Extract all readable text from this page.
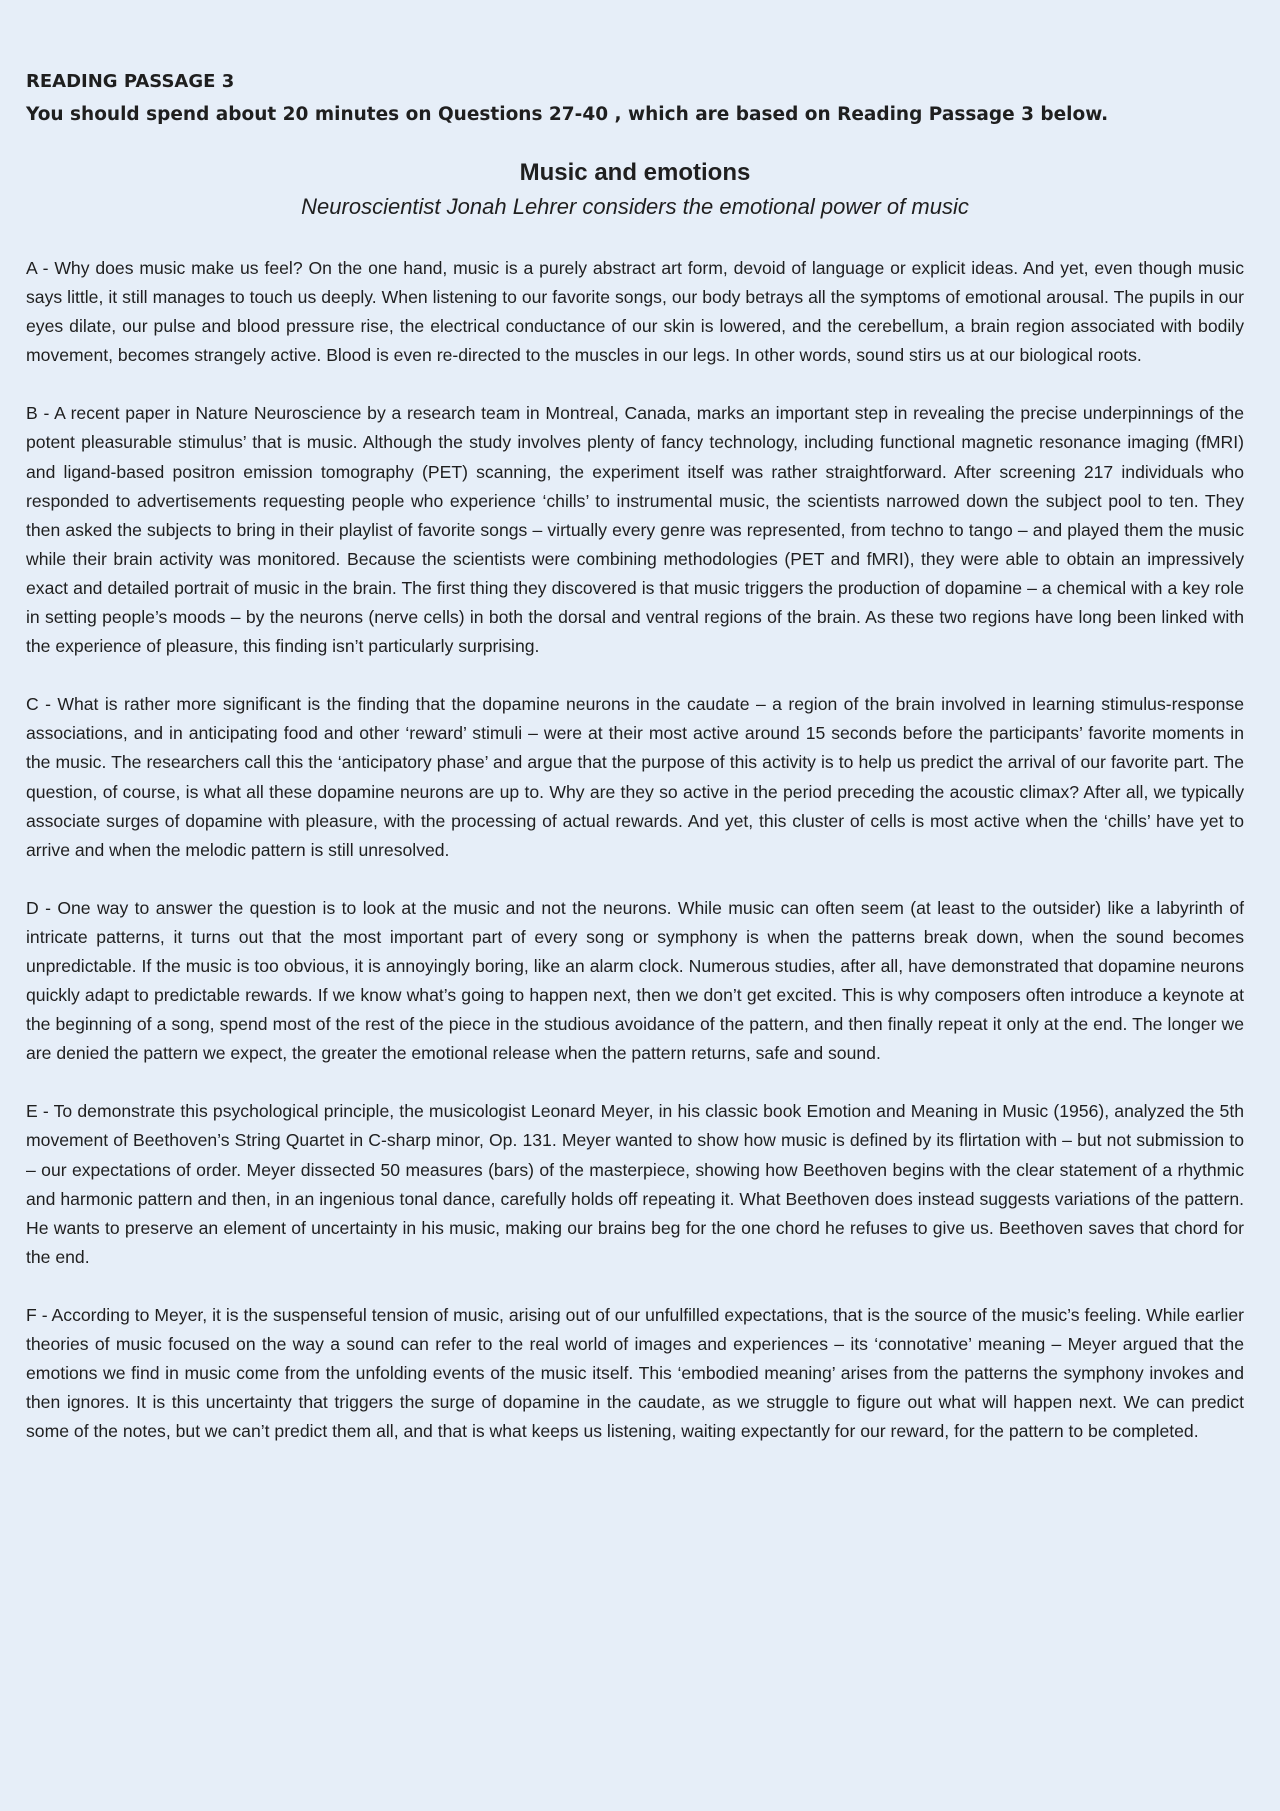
READING PASSAGE 3

You should spend about 20 minutes on Questions 27-40 , which are based on Reading Passage 3 below.

Music and emotions

Neuroscientist Jonah Lehrer considers the emotional power of music

A - Why does music make us feel? On the one hand, music is a purely abstract art form, devoid of language or explicit ideas. And yet, even though music says little, it still manages to touch us deeply. When listening to our favorite songs, our body betrays all the symptoms of emotional arousal. The pupils in our eyes dilate, our pulse and blood pressure rise, the electrical conductance of our skin is lowered, and the cerebellum, a brain region associated with bodily movement, becomes strangely active. Blood is even re-directed to the muscles in our legs. In other words, sound stirs us at our biological roots.

B - A recent paper in Nature Neuroscience by a research team in Montreal, Canada, marks an important step in revealing the precise underpinnings of the potent pleasurable stimulus’ that is music. Although the study involves plenty of fancy technology, including functional magnetic resonance imaging (fMRI) and ligand-based positron emission tomography (PET) scanning, the experiment itself was rather straightforward. After screening 217 individuals who responded to advertisements requesting people who experience ‘chills’ to instrumental music, the scientists narrowed down the subject pool to ten. They then asked the subjects to bring in their playlist of favorite songs – virtually every genre was represented, from techno to tango – and played them the music while their brain activity was monitored. Because the scientists were combining methodologies (PET and fMRI), they were able to obtain an impressively exact and detailed portrait of music in the brain. The first thing they discovered is that music triggers the production of dopamine – a chemical with a key role in setting people’s moods – by the neurons (nerve cells) in both the dorsal and ventral regions of the brain. As these two regions have long been linked with the experience of pleasure, this finding isn’t particularly surprising.

C - What is rather more significant is the finding that the dopamine neurons in the caudate – a region of the brain involved in learning stimulus-response associations, and in anticipating food and other ‘reward’ stimuli – were at their most active around 15 seconds before the participants’ favorite moments in the music. The researchers call this the ‘anticipatory phase’ and argue that the purpose of this activity is to help us predict the arrival of our favorite part. The question, of course, is what all these dopamine neurons are up to. Why are they so active in the period preceding the acoustic climax? After all, we typically associate surges of dopamine with pleasure, with the processing of actual rewards. And yet, this cluster of cells is most active when the ‘chills’ have yet to arrive and when the melodic pattern is still unresolved.

D - One way to answer the question is to look at the music and not the neurons. While music can often seem (at least to the outsider) like a labyrinth of intricate patterns, it turns out that the most important part of every song or symphony is when the patterns break down, when the sound becomes unpredictable. If the music is too obvious, it is annoyingly boring, like an alarm clock. Numerous studies, after all, have demonstrated that dopamine neurons quickly adapt to predictable rewards. If we know what’s going to happen next, then we don’t get excited. This is why composers often introduce a keynote at the beginning of a song, spend most of the rest of the piece in the studious avoidance of the pattern, and then finally repeat it only at the end. The longer we are denied the pattern we expect, the greater the emotional release when the pattern returns, safe and sound.

E - To demonstrate this psychological principle, the musicologist Leonard Meyer, in his classic book Emotion and Meaning in Music (1956), analyzed the 5th movement of Beethoven’s String Quartet in C-sharp minor, Op. 131. Meyer wanted to show how music is defined by its flirtation with – but not submission to – our expectations of order. Meyer dissected 50 measures (bars) of the masterpiece, showing how Beethoven begins with the clear statement of a rhythmic and harmonic pattern and then, in an ingenious tonal dance, carefully holds off repeating it. What Beethoven does instead suggests variations of the pattern. He wants to preserve an element of uncertainty in his music, making our brains beg for the one chord he refuses to give us. Beethoven saves that chord for the end.

F - According to Meyer, it is the suspenseful tension of music, arising out of our unfulfilled expectations, that is the source of the music’s feeling. While earlier theories of music focused on the way a sound can refer to the real world of images and experiences – its ‘connotative’ meaning – Meyer argued that the emotions we find in music come from the unfolding events of the music itself. This ‘embodied meaning’ arises from the patterns the symphony invokes and then ignores. It is this uncertainty that triggers the surge of dopamine in the caudate, as we struggle to figure out what will happen next. We can predict some of the notes, but we can’t predict them all, and that is what keeps us listening, waiting expectantly for our reward, for the pattern to be completed.
